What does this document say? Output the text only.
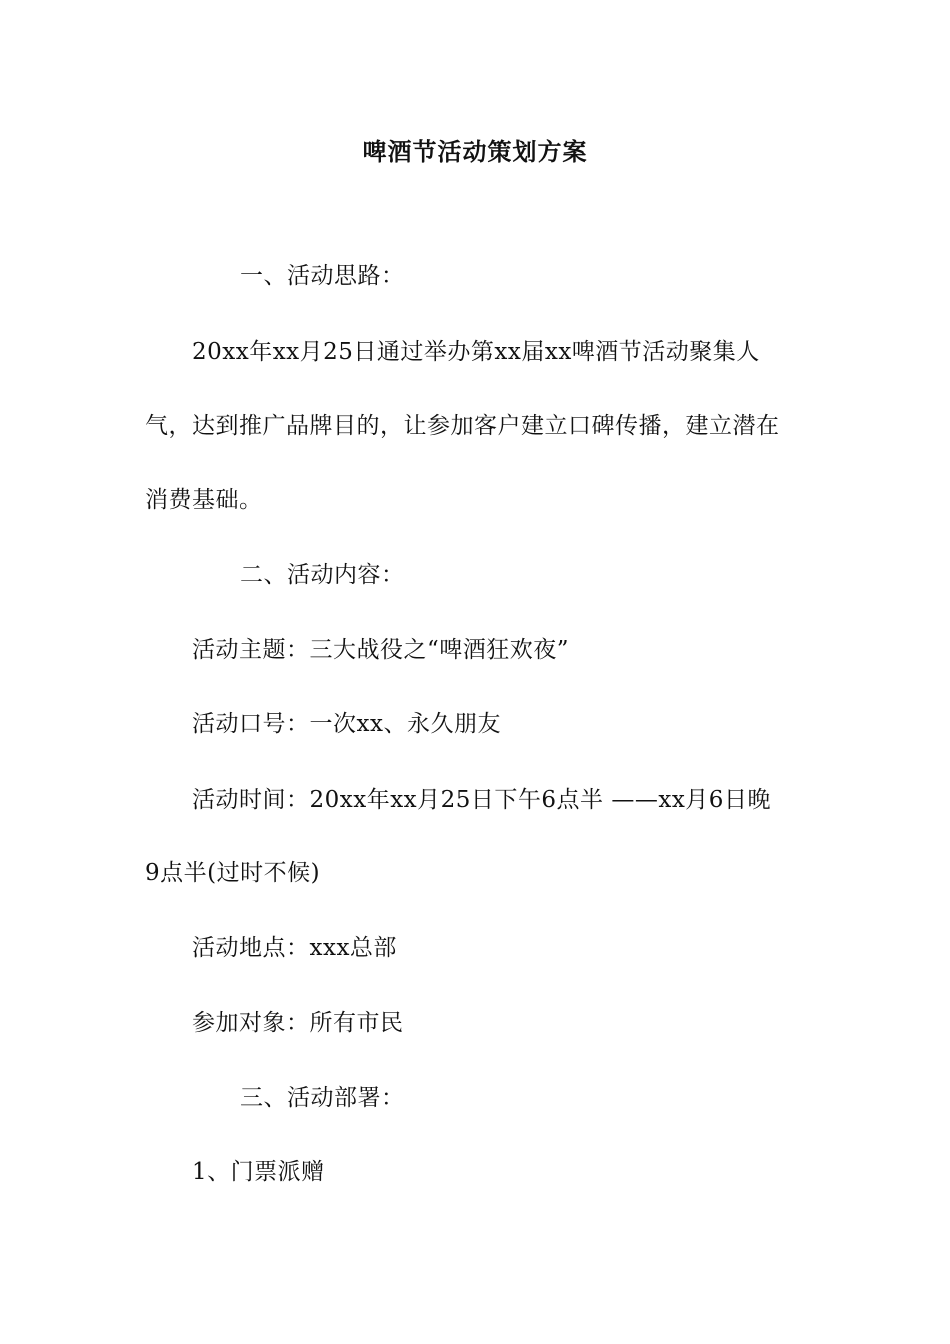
啤酒节活动策划方案
一、活动思路：
20xx年xx月25日通过举办第xx届xx啤酒节活动聚集人
气，达到推广品牌目的，让参加客户建立口碑传播，建立潜在
消费基础。
二、活动内容：
活动主题：三大战役之“啤酒狂欢夜”
活动口号：一次xx、永久朋友
活动时间：20xx年xx月25日下午6点半 ——xx月6日晚
9点半(过时不候)
活动地点：xxx总部
参加对象：所有市民
三、活动部署：
1、门票派赠
